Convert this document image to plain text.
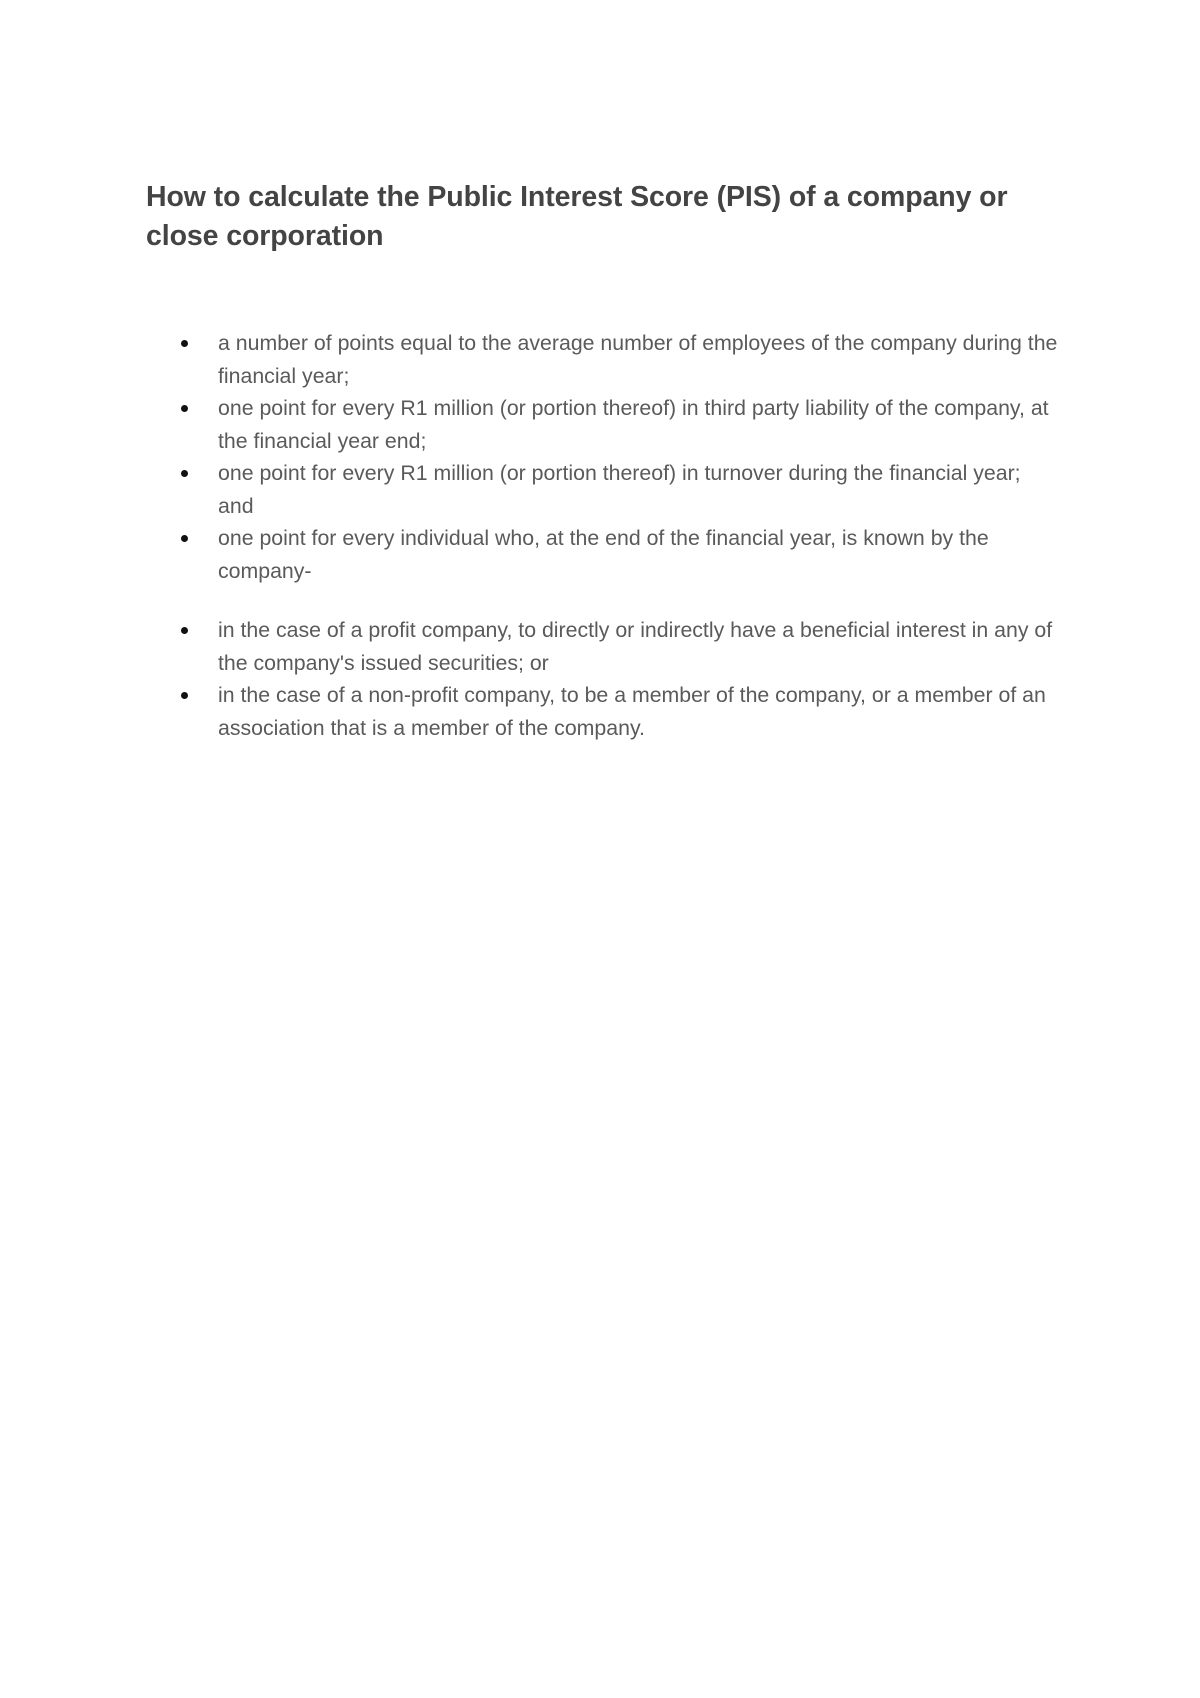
How to calculate the Public Interest Score (PIS) of a company or close corporation
a number of points equal to the average number of employees of the company during the financial year;
one point for every R1 million (or portion thereof) in third party liability of the company, at the financial year end;
one point for every R1 million (or portion thereof) in turnover during the financial year; and
one point for every individual who, at the end of the financial year, is known by the company-
in the case of a profit company, to directly or indirectly have a beneficial interest in any of the company's issued securities; or
in the case of a non-profit company, to be a member of the company, or a member of an association that is a member of the company.
